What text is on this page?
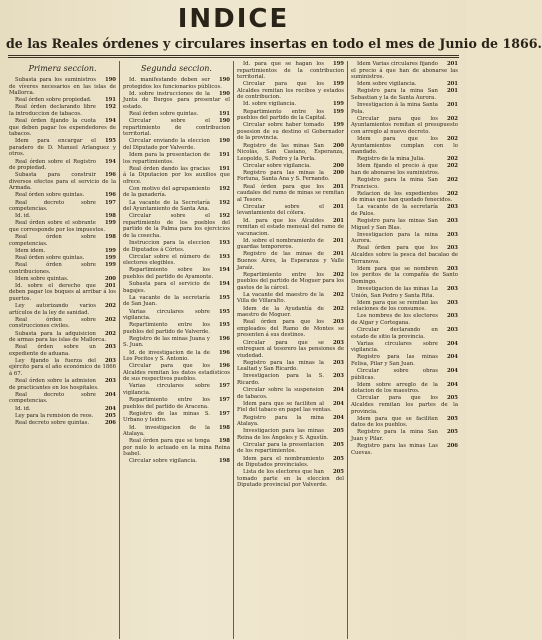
INDICE
de las Reales órdenes y circulares insertas en todo el mes de Junio de 1866.
Primera seccion.
190
Subasta para los suministros de víveres necesarios en las islas de Mallorca.
191
Real órden sobre propiedad.
192
Real órden declarando libre la introduccion de tabacos.
194
Real órden fijando la cuota que deben pagar los expendedores de tabacos.
195
Idem para encargar el paradero de D. Manuel Arlanguez y otros.
194
Real órden sobre el Registro de propiedad.
196
Subasta para construir diversos efectos para el servicio de la Armada.
196
Real órden sobre quintas.
197
Real decreto sobre competencias.
198
Id. id.
199
Real órden sobre el sobrante que corresponde por los impuestos.
198
Real órden sobre competencias.
199
Idem idem.
199
Real órden sobre quintas.
199
Real órden sobre contribuciones.
200
Idem sobre quintas.
201
Id. sobre el derecho que deben pagar los buques al arribar á los puertos.
202
Ley autorizando varios artículos de la ley de sanidad.
202
Real órden sobre construcciones civiles.
202
Subasta para la adquisicion de armas para las islas de Mallorca.
203
Real órden sobre un expediente de aduana.
203
Ley fijando la fuerza del ejército para el año económico de 1866 á 67.
203
Real órden sobre la admision de practicantes en los hospitales.
204
Real decreto sobre competencias.
204
Id. id.
205
Ley para la remision de reos.
206
Real decreto sobre quintas.
Segunda seccion.
190
Id. manifestando deben ser protegidos los funcionarios públicos.
190
Id. sobre instrucciones de la Junta de Burgos para presentar el estado.
191
Real órden sobre quintas.
190
Circular sobre el repartimiento de contribucion territorial.
190
Circular enviando la eleccion del Diputado por Valverde.
191
Idem para la presentacion de los repartimientos.
191
Real órden dando las gracias á la Diputacion por los auxilios que ofrece.
192
Con motivo del agrupamiento de la ganadería.
192
La vacante de la Secretaría del Ayuntamiento de Santa Ana.
192
Circular sobre el repartimiento de los pueblos del partido de la Palma para los ejercicios de la cosecha.
193
Instruccion para la eleccion de Diputados á Córtes.
193
Circular sobre el número de electores elegibles.
194
Repartimiento sobre los pueblos del partido de Ayamonte.
194
Subasta para el servicio de bagajes.
195
La vacante de la secretaría de San Juan.
195
Varias circulares sobre vigilancia.
195
Repartimiento entre los pueblos del partido de Valverde.
196
Registro de las minas Juana y S. Juan.
196
Id. de investigacion de la de Los Pocitos y S. Antonio.
196
Circular para que los Alcaldes remitan los datos estadísticos de sus respectivos pueblos.
197
Varias circulares sobre vigilancia.
197
Repartimiento entre los pueblos del partido de Aracena.
197
Registro de las minas S. Urbano y Isidro.
198
Id. investigacion de la Atalaya.
198
Real órden para que se tenga por nulo lo actuado en la mina Reina Isabel.
198
Circular sobre vigilancia.
199
Id. para que se hagan los repartimientos de la contribucion territorial.
199
Circular para que los Alcaldes remitan los recibos y estados de contribucion.
199
Id. sobre vigilancia.
199
Repartimiento entre los pueblos del partido de la Capital.
199
Circular sobre haber tomado posesion de su destino el Gobernador de la provincia.
200
Registro de las minas San Nicolás, San Casiano, Esperanza, Leopoldo, S. Pedro y la Perla.
200
Circular sobre vigilancia.
200
Registro para las minas la Fortuna, Santa Ana y S. Fernando.
201
Real órden para que los caudales del ramo de minas se remitan al Tesoro.
201
Circular sobre el levantamiento del cólera.
201
Id. para que los Alcaldes remitan el estado mensual del ramo de vacunacion.
201
Id. sobre el nombramiento de guardas temporeros.
201
Registro de las minas de Buenos Aires, la Esperanza y Valle Jaraíz.
202
Repartimiento entre los pueblos del partido de Moguer para los gastos de la cárcel.
202
La vacante del maestro de la Villa de Villaralto.
202
Idem de la Ayudantía de maestro de Moguer.
203
Real órden para que los empleados del Ramo de Montes se presenten á sus destinos.
203
Circular para que se entreguen al tesorero las pensiones de viudedad.
203
Registro para las minas la Lealtad y San Ricardo.
203
Investigacion para la S. Ricardo.
204
Circular sobre la suspension de tabacos.
204
Idem para que se faciliten al Fiel del tabaco en papel las ventas.
204
Registro para la mina Atalaya.
205
Investigacion para las minas Reina de los Ángeles y S. Agustín.
205
Circular para la presentacion de los repartimientos.
205
Idem para el nombramiento de Diputados provinciales.
205
Lista de los electores que han tomado parte en la eleccion del Diputado provincial por Valverde.
201
Idem Varias circulares fijando el precio á que han de abonarse las suministros.
201
Idem sobre vigilancia.
201
Registro para la mina San Sebastian y la de Santa Aurora.
201
Investigacion á la mina Santa Pola.
202
Circular para que los Ayuntamientos remitan el presupuesto con arreglo al nuevo decreto.
202
Idem para que los Ayuntamientos cumplan con lo mandado.
202
Registro de la mina Julia.
202
Idem fijando el precio á que han de abonarse los suministros.
202
Registro para la mina San Francisco.
202
Relacion de los expedientes de minas que han quedado fenecidos.
203
La vacante de la secretaría de Palos.
203
Registro para las minas San Miguel y San Blas.
203
Investigacion para la mina Aurora.
203
Real órden para que los Alcaldes sobre la pesca del bacalao de Terranova.
203
Idem para que se nombren los peritos de la compañía de Santo Domingo.
203
Investigacion de las minas La Unión, San Pedro y Santa Rita.
203
Idem para que se remitan las relaciones de los consumos.
203
Los nombres de los electores de Algar y Cortegana.
203
Circular declarando en estado de sitio la provincia.
204
Varias circulares sobre vigilancia.
204
Registro para las minas Felisa, Pilar y San Juan.
204
Circular sobre obras públicas.
204
Idem sobre arreglo de la dotacion de los maestros.
205
Circular para que los Alcaldes remitan los partes de la provincia.
205
Idem para que se faciliten datos de los pueblos.
205
Registro para la mina San Juan y Pilar.
206
Registro para las minas Las Cuevas.
